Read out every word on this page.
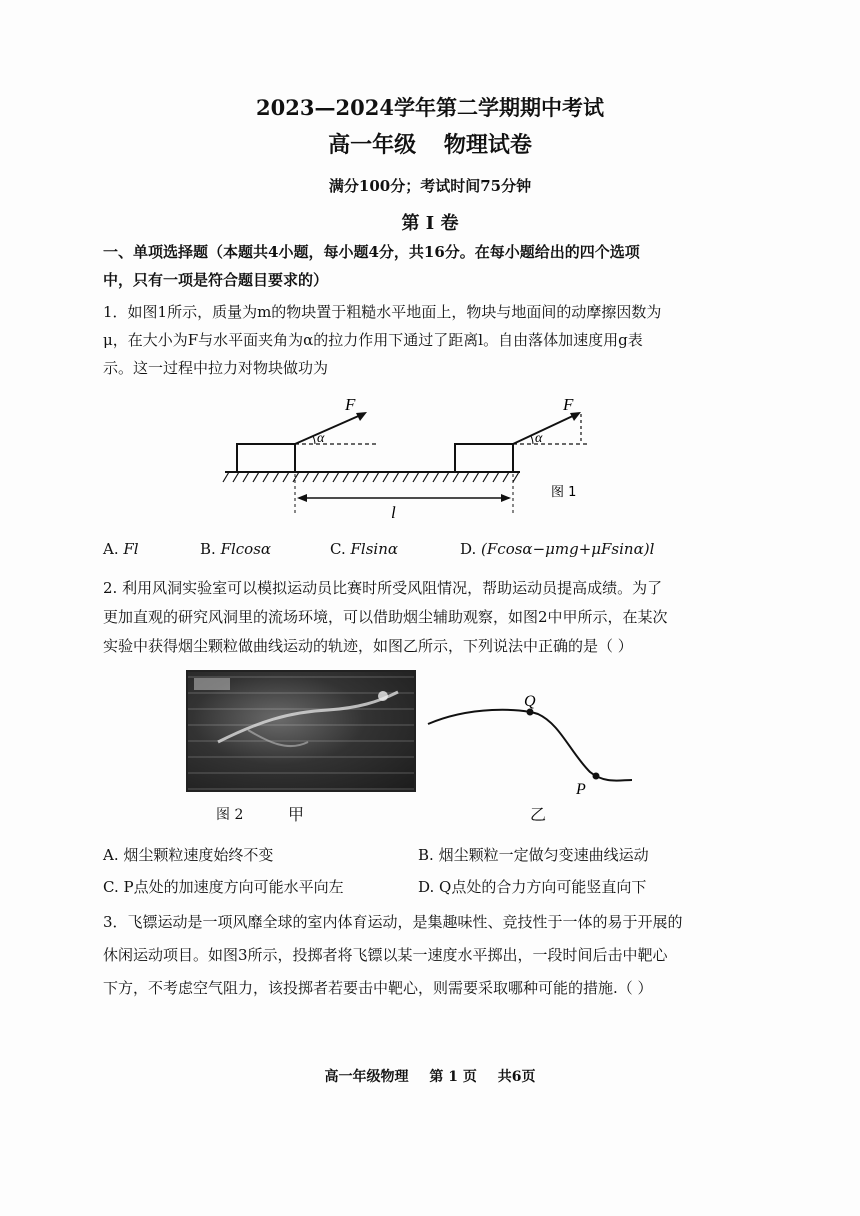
2023—2024学年第二学期期中考试
高一年级 物理试卷
满分100分；考试时间75分钟
第 I 卷
一、单项选择题（本题共4小题，每小题4分，共16分。在每小题给出的四个选项
中，只有一项是符合题目要求的）
1．如图1所示，质量为m的物块置于粗糙水平地面上，物块与地面间的动摩擦因数为
μ，在大小为F与水平面夹角为α的拉力作用下通过了距离l。自由落体加速度用g表
示。这一过程中拉力对物块做功为
F
α
F
α
l
图 1
A. Fl	B. Flcosα	C. Flsinα	D. (Fcosα−μmg+μFsinα)l
2. 利用风洞实验室可以模拟运动员比赛时所受风阻情况，帮助运动员提高成绩。为了
更加直观的研究风洞里的流场环境，可以借助烟尘辅助观察，如图2中甲所示，在某次
实验中获得烟尘颗粒做曲线运动的轨迹，如图乙所示，下列说法中正确的是（ ）
Q
P
图 2	甲	乙
A. 烟尘颗粒速度始终不变	B. 烟尘颗粒一定做匀变速曲线运动
C. P点处的加速度方向可能水平向左	D. Q点处的合力方向可能竖直向下
3．飞镖运动是一项风靡全球的室内体育运动，是集趣味性、竞技性于一体的易于开展的
休闲运动项目。如图3所示，投掷者将飞镖以某一速度水平掷出，一段时间后击中靶心
下方，不考虑空气阻力，该投掷者若要击中靶心，则需要采取哪种可能的措施.（ ）
高一年级物理 第 1 页 共6页
